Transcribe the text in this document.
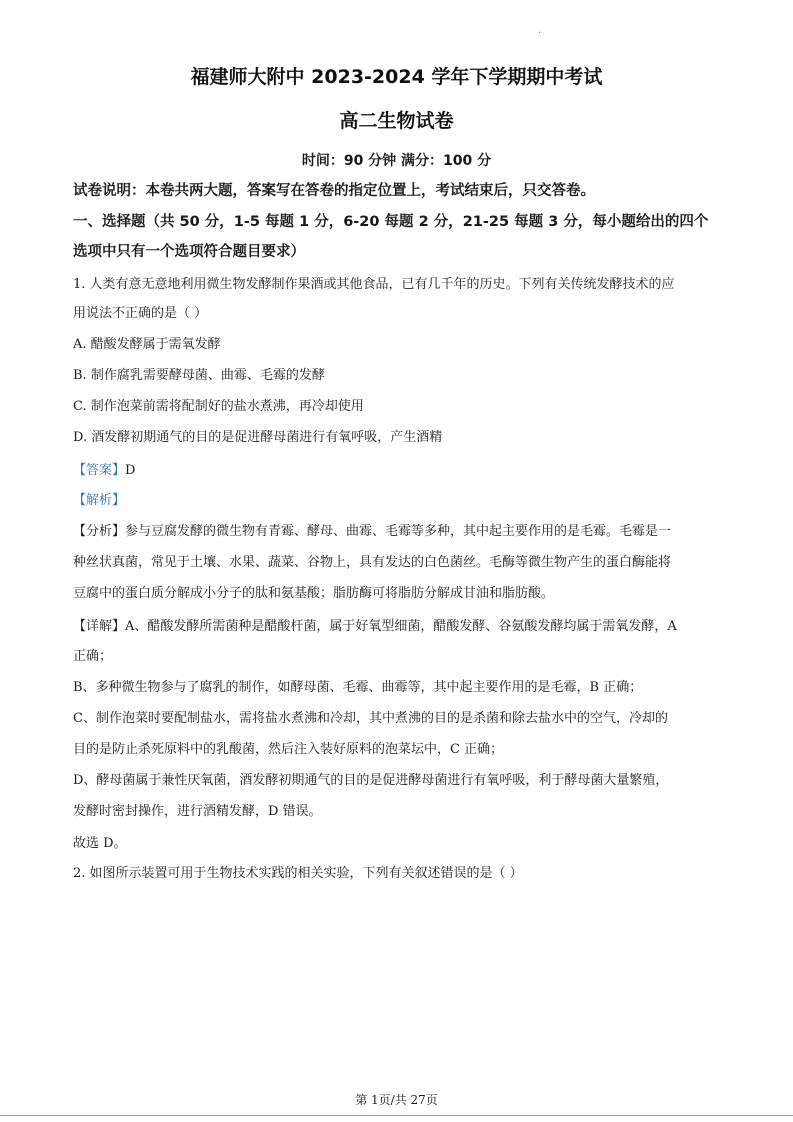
·
福建师大附中 2023-2024 学年下学期期中考试
高二生物试卷
时间：90 分钟 满分：100 分
试卷说明：本卷共两大题，答案写在答卷的指定位置上，考试结束后，只交答卷。
一、选择题（共 50 分，1-5 每题 1 分，6-20 每题 2 分，21-25 每题 3 分，每小题给出的四个
选项中只有一个选项符合题目要求）
1. 人类有意无意地利用微生物发酵制作果酒或其他食品，已有几千年的历史。下列有关传统发酵技术的应
用说法不正确的是（ ）
A. 醋酸发酵属于需氧发酵
B. 制作腐乳需要酵母菌、曲霉、毛霉的发酵
C. 制作泡菜前需将配制好的盐水煮沸，再冷却使用
D. 酒发酵初期通气的目的是促进酵母菌进行有氧呼吸，产生酒精
【答案】D
【解析】
【分析】参与豆腐发酵的微生物有青霉、酵母、曲霉、毛霉等多种，其中起主要作用的是毛霉。毛霉是一
种丝状真菌，常见于土壤、水果、蔬菜、谷物上，具有发达的白色菌丝。毛酶等微生物产生的蛋白酶能将
豆腐中的蛋白质分解成小分子的肽和氨基酸；脂肪酶可将脂肪分解成甘油和脂肪酸。
【详解】A、醋酸发酵所需菌种是醋酸杆菌，属于好氧型细菌，醋酸发酵、谷氨酸发酵均属于需氧发酵，A
正确；
B、多种微生物参与了腐乳的制作，如酵母菌、毛霉、曲霉等，其中起主要作用的是毛霉，B 正确；
C、制作泡菜时要配制盐水，需将盐水煮沸和冷却，其中煮沸的目的是杀菌和除去盐水中的空气，冷却的
目的是防止杀死原料中的乳酸菌，然后注入装好原料的泡菜坛中，C 正确；
D、酵母菌属于兼性厌氧菌，酒发酵初期通气的目的是促进酵母菌进行有氧呼吸，利于酵母菌大量繁殖，
发酵时密封操作，进行酒精发酵，D 错误。
故选 D。
2. 如图所示装置可用于生物技术实践的相关实验，下列有关叙述错误的是（ ）
第 1页/共 27页
